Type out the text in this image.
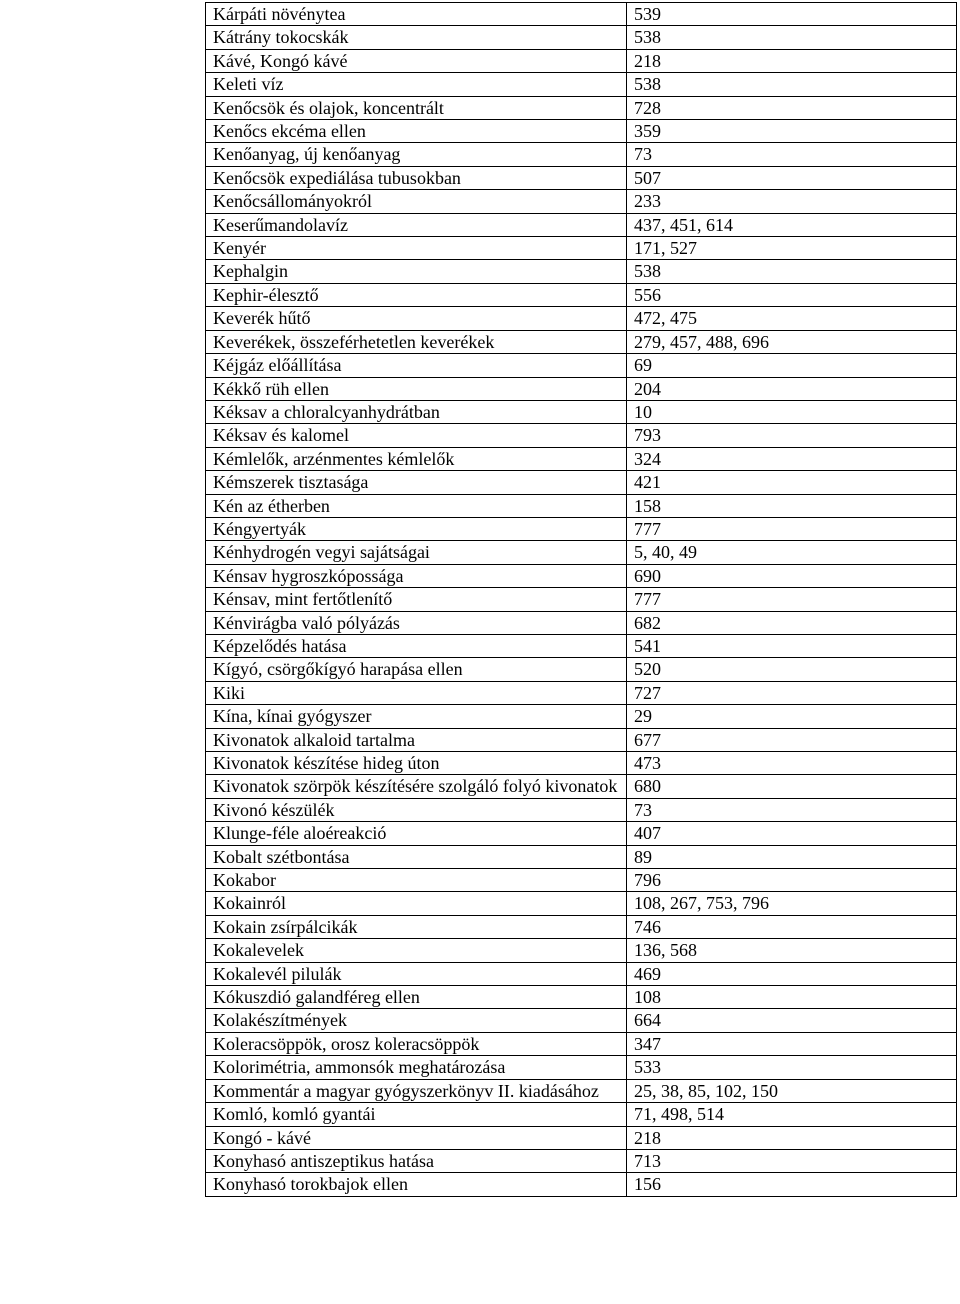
Kárpáti növénytea	539
Kátrány tokocskák	538
Kávé, Kongó kávé	218
Keleti víz	538
Kenőcsök és olajok, koncentrált	728
Kenőcs ekcéma ellen	359
Kenőanyag, új kenőanyag	73
Kenőcsök expediálása tubusokban	507
Kenőcsállományokról	233
Keserűmandolavíz	437, 451, 614
Kenyér	171, 527
Kephalgin	538
Kephir-élesztő	556
Keverék hűtő	472, 475
Keverékek, összeférhetetlen keverékek	279, 457, 488, 696
Kéjgáz előállítása	69
Kékkő rüh ellen	204
Kéksav a chloralcyanhydrátban	10
Kéksav és kalomel	793
Kémlelők, arzénmentes kémlelők	324
Kémszerek tisztasága	421
Kén az étherben	158
Kéngyertyák	777
Kénhydrogén vegyi sajátságai	5, 40, 49
Kénsav hygroszkópossága	690
Kénsav, mint fertőtlenítő	777
Kénvirágba való pólyázás	682
Képzelődés hatása	541
Kígyó, csörgőkígyó harapása ellen	520
Kiki	727
Kína, kínai gyógyszer	29
Kivonatok alkaloid tartalma	677
Kivonatok készítése hideg úton	473
Kivonatok szörpök készítésére szolgáló folyó kivonatok	680
Kivonó készülék	73
Klunge-féle aloéreakció	407
Kobalt szétbontása	89
Kokabor	796
Kokainról	108, 267, 753, 796
Kokain zsírpálcikák	746
Kokalevelek	136, 568
Kokalevél pilulák	469
Kókuszdió galandféreg ellen	108
Kolakészítmények	664
Koleracsöppök, orosz koleracsöppök	347
Kolorimétria, ammonsók meghatározása	533
Kommentár a magyar gyógyszerkönyv II. kiadásához	25, 38, 85, 102, 150
Komló, komló gyantái	71, 498, 514
Kongó - kávé	218
Konyhasó antiszeptikus hatása	713
Konyhasó torokbajok ellen	156
